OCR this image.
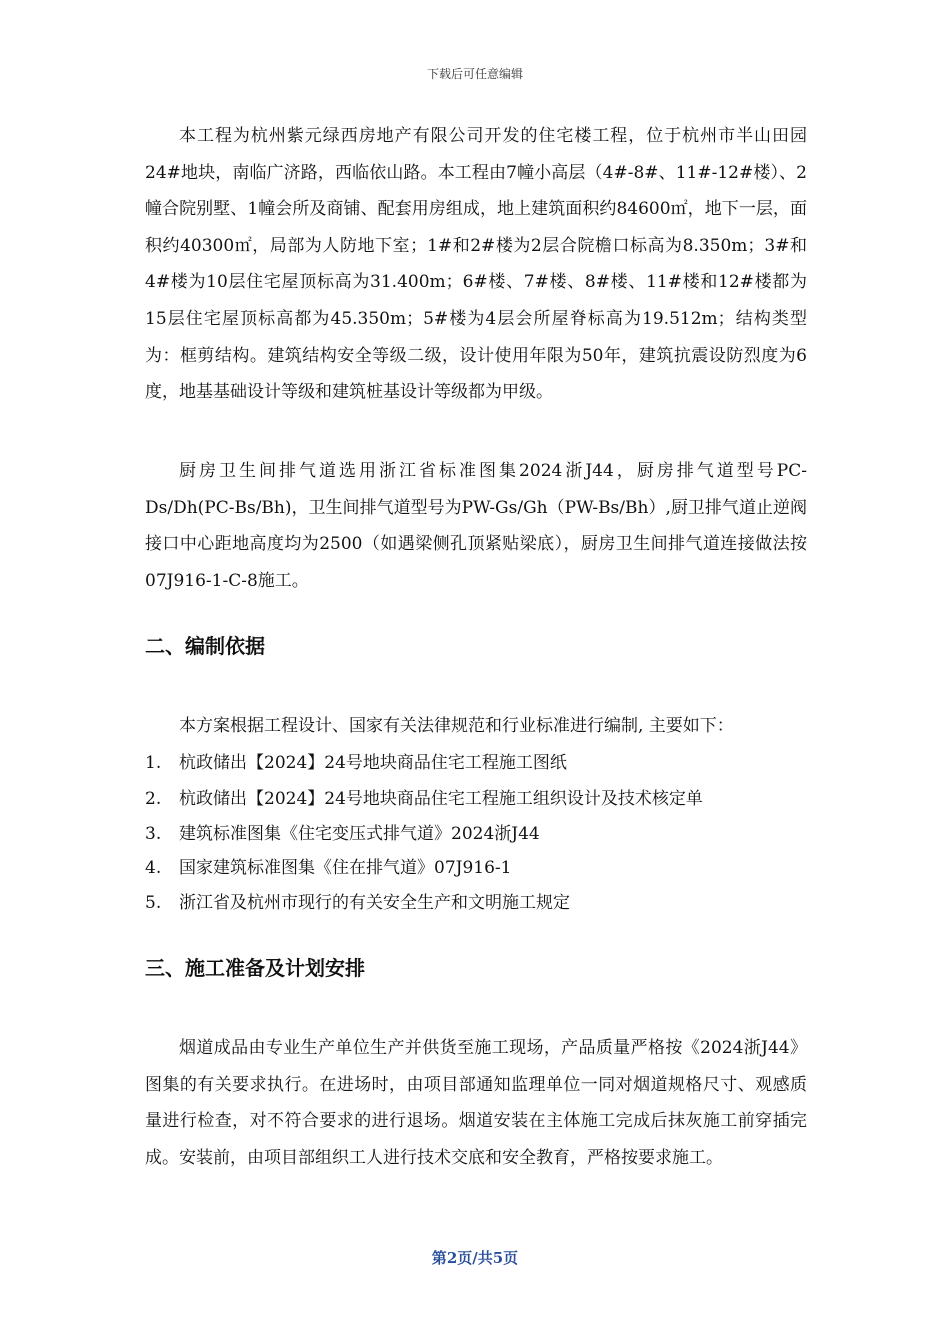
下载后可任意编辑

本工程为杭州紫元绿西房地产有限公司开发的住宅楼工程，位于杭州市半山田园24#地块，南临广济路，西临依山路。本工程由7幢小高层（4#-8#、11#-12#楼）、2幢合院别墅、1幢会所及商铺、配套用房组成，地上建筑面积约84600㎡，地下一层，面积约40300㎡，局部为人防地下室；1#和2#楼为2层合院檐口标高为8.350m；3#和4#楼为10层住宅屋顶标高为31.400m；6#楼、7#楼、8#楼、11#楼和12#楼都为15层住宅屋顶标高都为45.350m；5#楼为4层会所屋脊标高为19.512m；结构类型为：框剪结构。建筑结构安全等级二级，设计使用年限为50年，建筑抗震设防烈度为6度，地基基础设计等级和建筑桩基设计等级都为甲级。

厨房卫生间排气道选用浙江省标准图集2024浙J44，厨房排气道型号PC-Ds/Dh(PC-Bs/Bh)，卫生间排气道型号为PW-Gs/Gh（PW-Bs/Bh）,厨卫排气道止逆阀接口中心距地高度均为2500（如遇梁侧孔顶紧贴梁底），厨房卫生间排气道连接做法按07J916-1-C-8施工。

二、编制依据

本方案根据工程设计、国家有关法律规范和行业标准进行编制, 主要如下：

1. 杭政储出【2024】24号地块商品住宅工程施工图纸
2. 杭政储出【2024】24号地块商品住宅工程施工组织设计及技术核定单
3. 建筑标准图集《住宅变压式排气道》2024浙J44
4. 国家建筑标准图集《住在排气道》07J916-1
5. 浙江省及杭州市现行的有关安全生产和文明施工规定
三、施工准备及计划安排

烟道成品由专业生产单位生产并供货至施工现场，产品质量严格按《2024浙J44》图集的有关要求执行。在进场时，由项目部通知监理单位一同对烟道规格尺寸、观感质量进行检查，对不符合要求的进行退场。烟道安装在主体施工完成后抹灰施工前穿插完成。安装前，由项目部组织工人进行技术交底和安全教育，严格按要求施工。

第2页/共5页
